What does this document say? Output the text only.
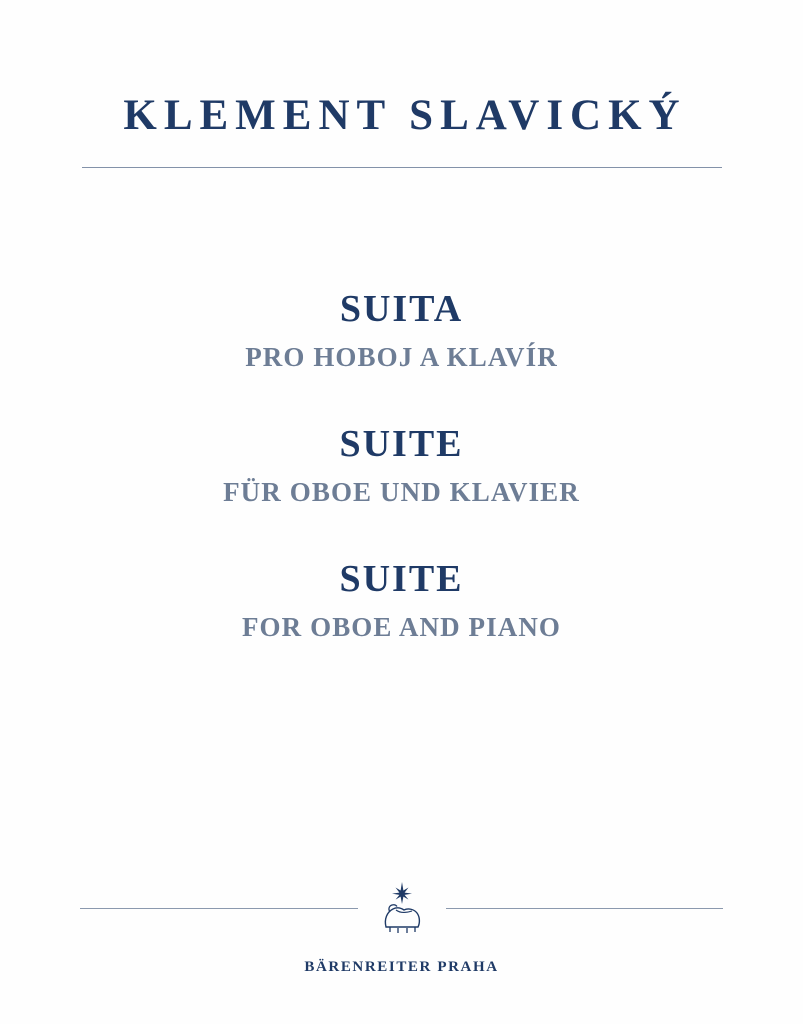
KLEMENT SLAVICKÝ
SUITA
PRO HOBOJ A KLAVÍR
SUITE
FÜR OBOE UND KLAVIER
SUITE
FOR OBOE AND PIANO
BÄRENREITER PRAHA
